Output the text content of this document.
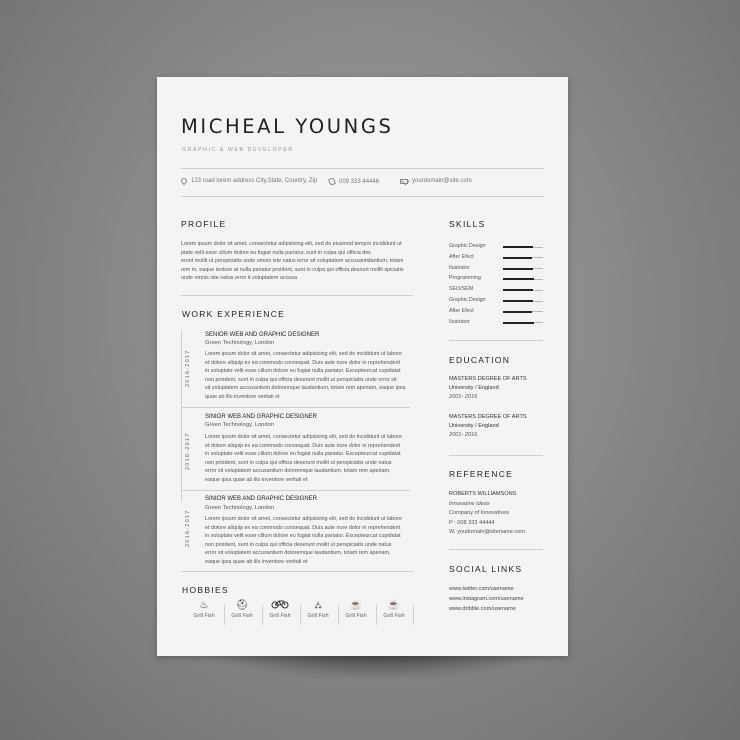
MICHEAL YOUNGS
GRAPHIC & WEB DEVELOPER
123 road lorem address City,State, Country, Zip	009 333 44446	yourdomain@site.com
PROFILE
Lorem ipsum dolor sit amet, consectetur adipisicing elit, sed do eiusmod tempor incididunt ut
ptate velit esse cillum dolore eu fugiat nulla pariatur, sunt in culpa qui officia des
erunt mollit ut perspiciatis unde omnis iste natus error sit voluptatem accusantidantium, totam
rem m, eaque ientore at nulla pariatur proident, sunt in culpa qui officia desrunt mollit spiciatis
unde omnis iste natus error it voluptatem accusa
WORK EXPERIENCE
2016-2017
SENIOR WEB AND GRAPHIC DESIGNER
Green Technology, London
Lorem ipsum dolor sit amet, consectetur adipisicing elit, sed do incididunt ut labore
et dolore aliquip ex ea commodo consequat. Duis aute irure dolor in reprehenderit
in voluptate velit esse cillum dolore eu fugiat nulla pariatur. Excepteurcat cupidatat
non proident, sunt in culpa qui officia deserunt mollit ut perspiciatis unde nrror sit
sit voluptatem accusantium doloremque laudantium, totam rem aperiam, eaque ipsa
quae ab illo inventore veritati et
2016-2017
SINIOR WEB AND GRAPHIC DESIGNER
Green Technology, London
Lorem ipsum dolor sit amet, consectetur adipisicing elit, sed do incididunt ut labore
et dolore aliquip ex ea commodo consequat. Duis aute irure dolor in reprehenderit
in voluptate velit esse cillum dolore eu fugiat nulla pariatur. Excepteurcat cupidatat
non proident, sunt in culpa qui officia deserunt mollit ut perspiciatis unde natus
error sit voluptatem accusantium doloremque laudantium, totam rem aperiam,
eaque ipsa quae ab illo inventore veritati et
2016-2017
SINIOR WEB AND GRAPHIC DESIGNER
Green Technology, London
Lorem ipsum dolor sit amet, consectetur adipisicing elit, sed do incididunt ut labore
et dolore aliquip ex ea commodo consequat. Duis aute irure dolor in reprehenderit
in voluptate velit esse cillum dolore eu fugiat nulla pariatur. Excepteurcat cupidatat
non proident, sunt in culpa qui officia deserunt mollit ut perspiciatis unde natus
error sit voluptatem accusantium doloremque laudantium, totam rem aperiam,
eaque ipsa quae ab illo inventore veritati et
HOBBIES
♨
Grill Fish
⛑
Grill Fish	Grill Fish
⛼
Grill Fish
☕
Grill Fish
☕
Grill Fish
SKILLS
Graphic Design
After Efect
Ilustrator
Programming
SEO/SEM
Graphic Design
After Efect
Ilustrator
EDUCATION
MASTERS DEGREE OF ARTS
University / England
2001- 2016
MASTERS DEGREE OF ARTS
University / England
2001- 2016
REFERENCE
ROBERTS WILLIAMSONS
Innovative Ideas
Company of Innovatives
P : 008 333 44444
W. youdomain@sitename.com
SOCIAL LINKS
www.twitter.com/usename
www.instagram.com/usename
www.dribble.com/usename
